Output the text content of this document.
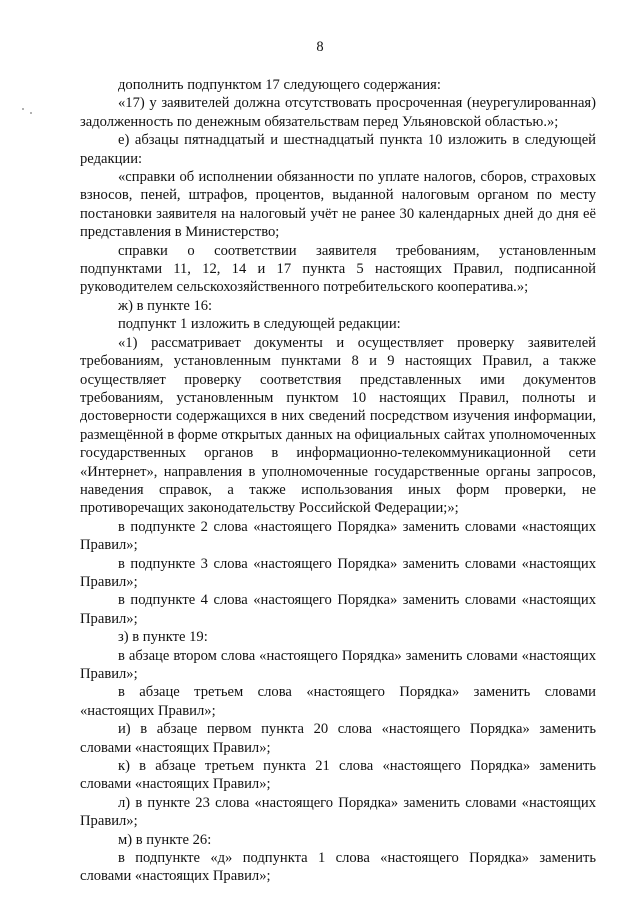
8

дополнить подпунктом 17 следующего содержания:

«17) у заявителей должна отсутствовать просроченная (неурегулированная) задолженность по денежным обязательствам перед Ульяновской областью.»;

е) абзацы пятнадцатый и шестнадцатый пункта 10 изложить в следующей редакции:

«справки об исполнении обязанности по уплате налогов, сборов, страховых взносов, пеней, штрафов, процентов, выданной налоговым органом по месту постановки заявителя на налоговый учёт не ранее 30 календарных дней до дня её представления в Министерство;

справки о соответствии заявителя требованиям, установленным подпунктами 11, 12, 14 и 17 пункта 5 настоящих Правил, подписанной руководителем сельскохозяйственного потребительского кооператива.»;

ж) в пункте 16:

подпункт 1 изложить в следующей редакции:

«1) рассматривает документы и осуществляет проверку заявителей требованиям, установленным пунктами 8 и 9 настоящих Правил, а также осуществляет проверку соответствия представленных ими документов требованиям, установленным пунктом 10 настоящих Правил, полноты и достоверности содержащихся в них сведений посредством изучения информации, размещённой в форме открытых данных на официальных сайтах уполномоченных государственных органов в информационно-телекоммуникационной сети «Интернет», направления в уполномоченные государственные органы запросов, наведения справок, а также использования иных форм проверки, не противоречащих законодательству Российской Федерации;»;

в подпункте 2 слова «настоящего Порядка» заменить словами «настоящих Правил»;

в подпункте 3 слова «настоящего Порядка» заменить словами «настоящих Правил»;

в подпункте 4 слова «настоящего Порядка» заменить словами «настоящих Правил»;

з) в пункте 19:

в абзаце втором слова «настоящего Порядка» заменить словами «настоящих Правил»;

в абзаце третьем слова «настоящего Порядка» заменить словами «настоящих Правил»;

и) в абзаце первом пункта 20 слова «настоящего Порядка» заменить словами «настоящих Правил»;

к) в абзаце третьем пункта 21 слова «настоящего Порядка» заменить словами «настоящих Правил»;

л) в пункте 23 слова «настоящего Порядка» заменить словами «настоящих Правил»;

м) в пункте 26:

в подпункте «д» подпункта 1 слова «настоящего Порядка» заменить словами «настоящих Правил»;
